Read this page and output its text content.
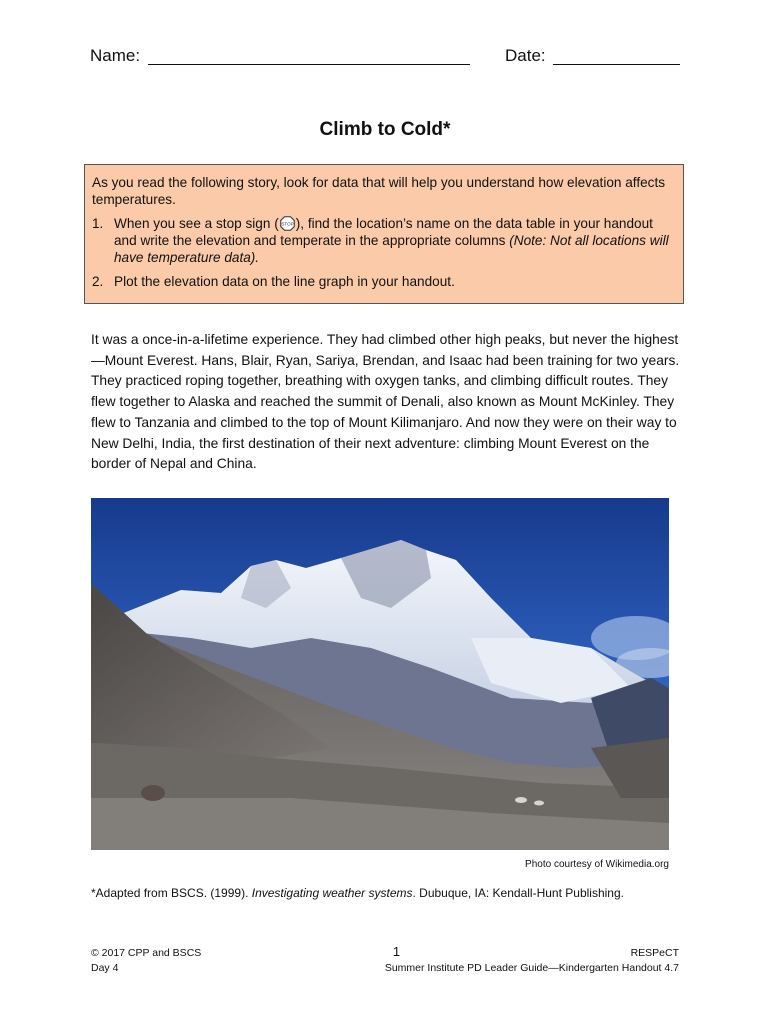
Name:	Date:
Climb to Cold*

As you read the following story, look for data that will help you understand how elevation affects temperatures.

1. When you see a stop sign ( STOP ), find the location’s name on the data table in your handout and write the elevation and temperate in the appropriate columns (Note: Not all locations will have temperature data).
2. Plot the elevation data on the line graph in your handout.

It was a once-in-a-lifetime experience. They had climbed other high peaks, but never the highest—Mount Everest. Hans, Blair, Ryan, Sariya, Brendan, and Isaac had been training for two years. They practiced roping together, breathing with oxygen tanks, and climbing difficult routes. They flew together to Alaska and reached the summit of Denali, also known as Mount McKinley. They flew to Tanzania and climbed to the top of Mount Kilimanjaro. And now they were on their way to New Delhi, India, the first destination of their next adventure: climbing Mount Everest on the border of Nepal and China.

Photo courtesy of Wikimedia.org
*Adapted from BSCS. (1999). Investigating weather systems. Dubuque, IA: Kendall-Hunt Publishing.
© 2017 CPP and BSCS
Day 4
1	RESPeCT
Summer Institute PD Leader Guide—Kindergarten Handout 4.7
